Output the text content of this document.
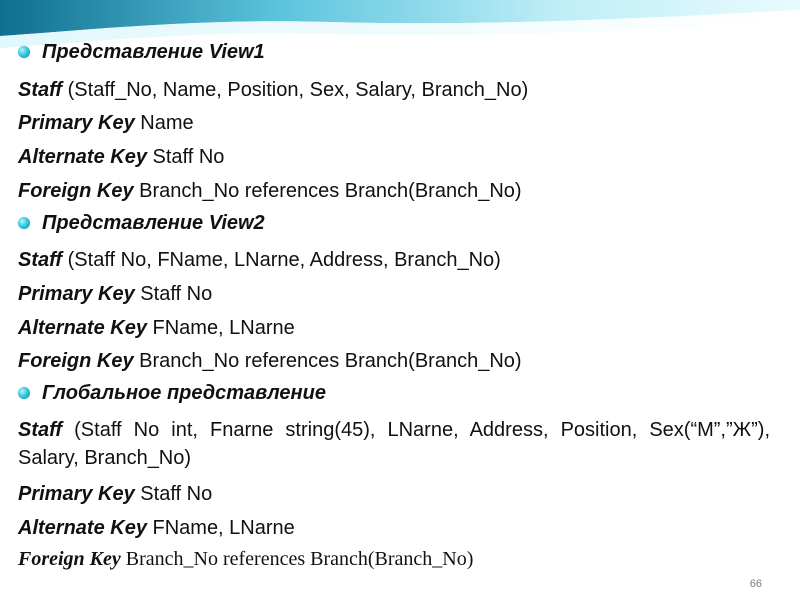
Представление View1
Staff (Staff_No, Name, Position, Sex, Salary, Branch_No)
Primary Key Name
Alternate Key Staff No
Foreign Key Branch_No references Branch(Branch_No)
Представление View2
Staff (Staff No, FName, LNarne, Address, Branch_No)
Primary Key Staff No
Alternate Key FName, LNarne
Foreign Key Branch_No references Branch(Branch_No)
Глобальное представление
Staff (Staff No int, Fnarne string(45), LNarne, Address, Position, Sex(“M”,”Ж”), Salary, Branch_No)
Primary Key Staff No
Alternate Key FName, LNarne
Foreign Key Branch_No references Branch(Branch_No)
66
